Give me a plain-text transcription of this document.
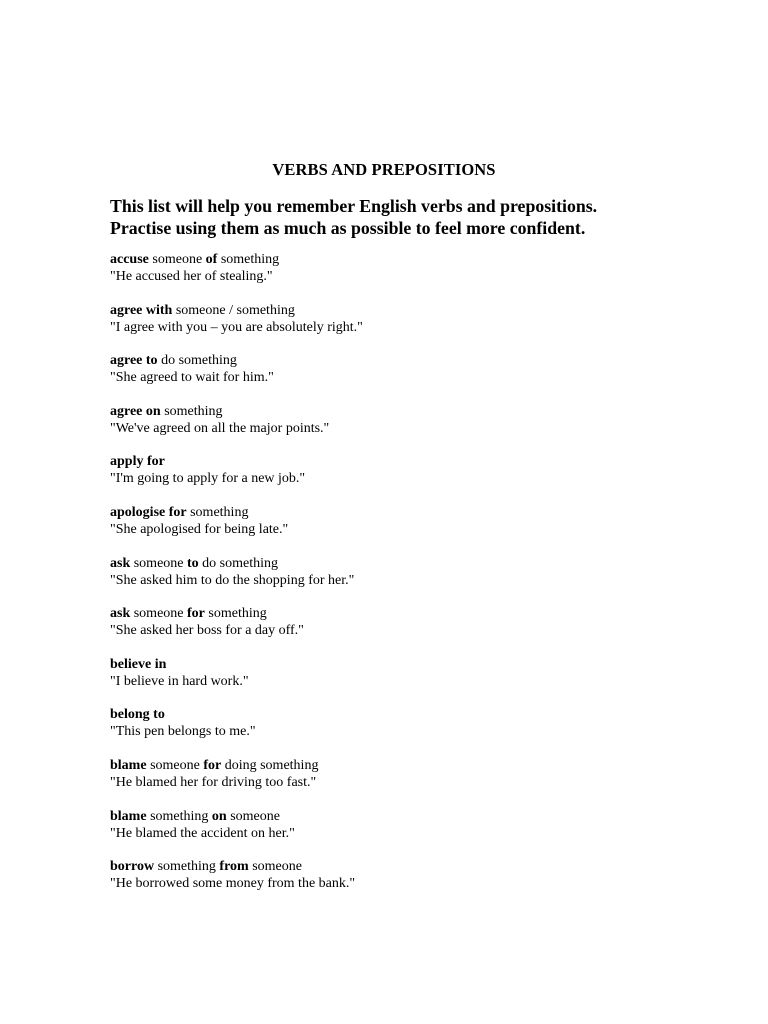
VERBS AND PREPOSITIONS
This list will help you remember English verbs and prepositions.
Practise using them as much as possible to feel more confident.
accuse someone of something
"He accused her of stealing."
agree with someone / something
"I agree with you – you are absolutely right."
agree to do something
"She agreed to wait for him."
agree on something
"We've agreed on all the major points."
apply for
"I'm going to apply for a new job."
apologise for something
"She apologised for being late."
ask someone to do something
"She asked him to do the shopping for her."
ask someone for something
"She asked her boss for a day off."
believe in
"I believe in hard work."
belong to
"This pen belongs to me."
blame someone for doing something
"He blamed her for driving too fast."
blame something on someone
"He blamed the accident on her."
borrow something from someone
"He borrowed some money from the bank."
